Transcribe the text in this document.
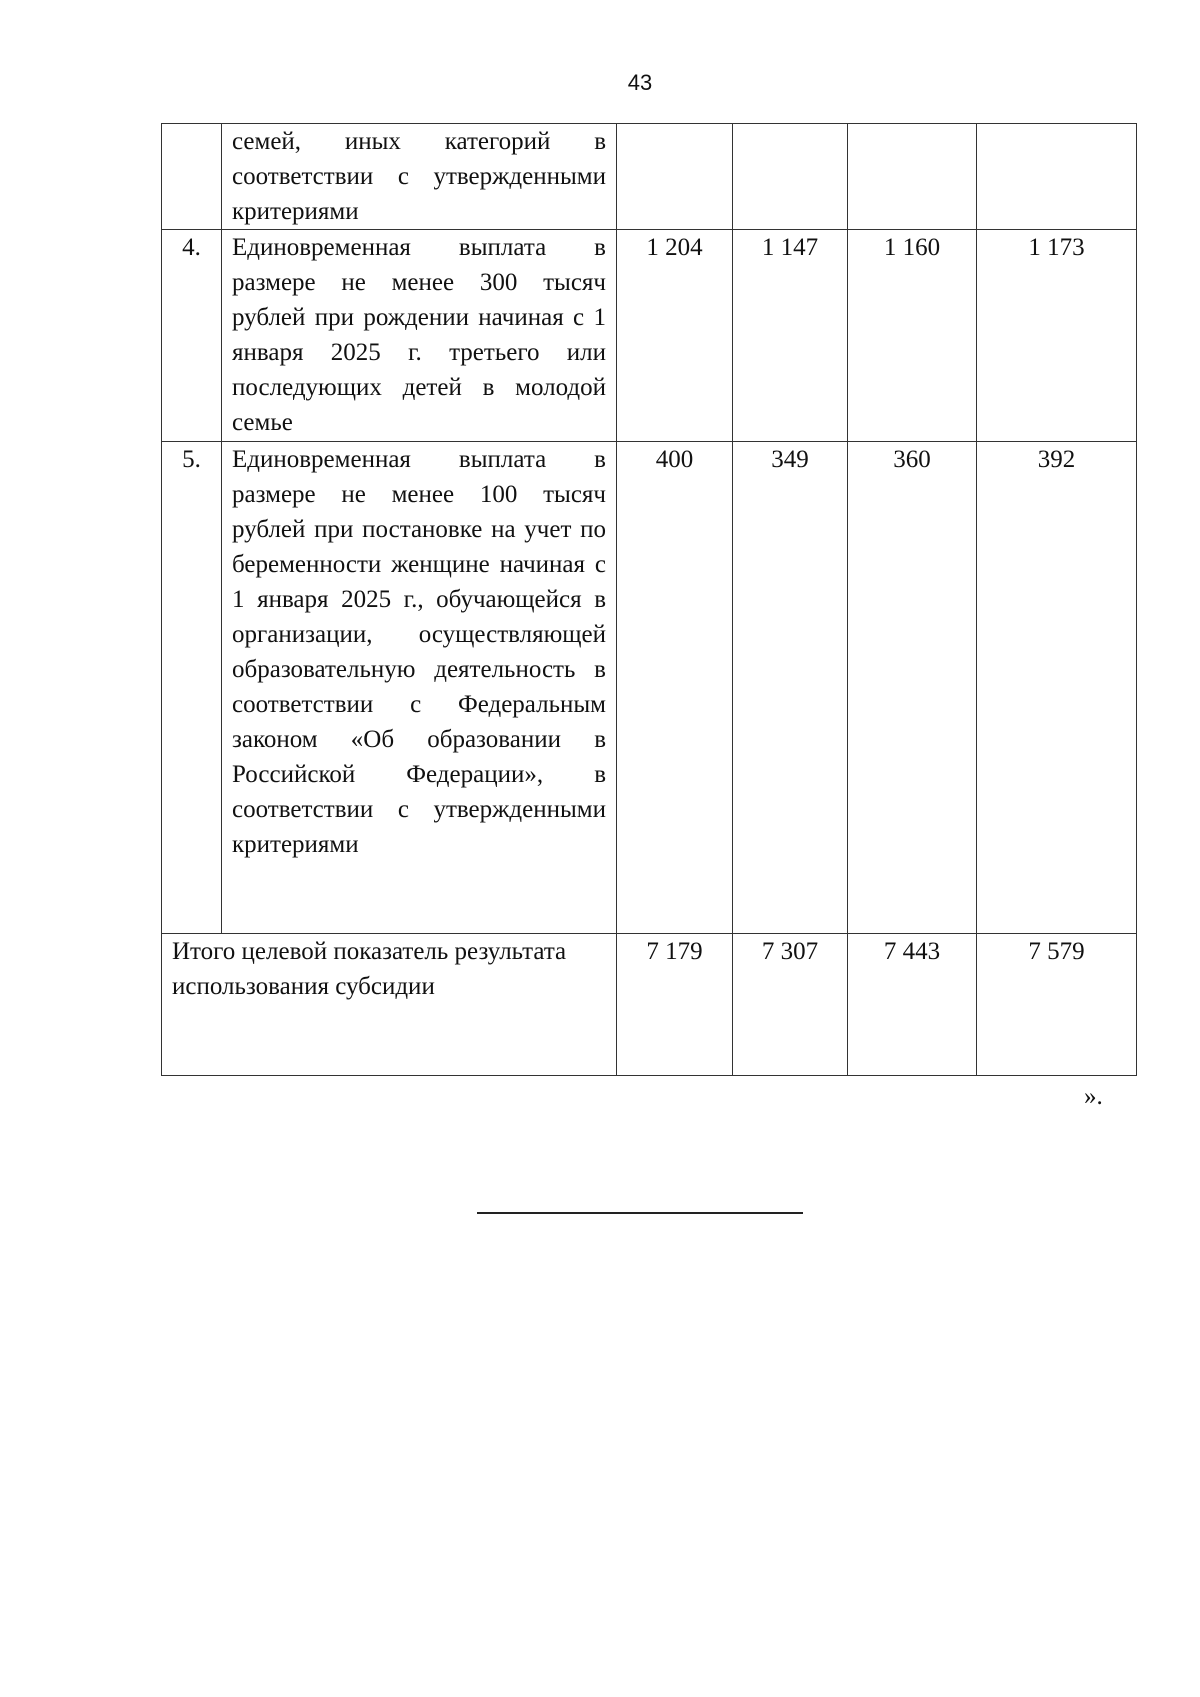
43
	семей, иных категорий в соответствии с утвержденными критериями				
4.	Единовременная выплата в размере не менее 300 тысяч рублей при рождении начиная с 1 января 2025 г. третьего или последующих детей в молодой семье	1 204	1 147	1 160	1 173
5.	Единовременная выплата в размере не менее 100 тысяч рублей при постановке на учет по беременности женщине начиная с 1 января 2025 г., обучающейся в организации, осуществляющей образовательную деятельность в соответствии с Федеральным законом «Об образовании в Российской Федерации», в соответствии с утвержденными критериями	400	349	360	392
Итого целевой показатель результата использования субсидии		7 179	7 307	7 443	7 579
».
